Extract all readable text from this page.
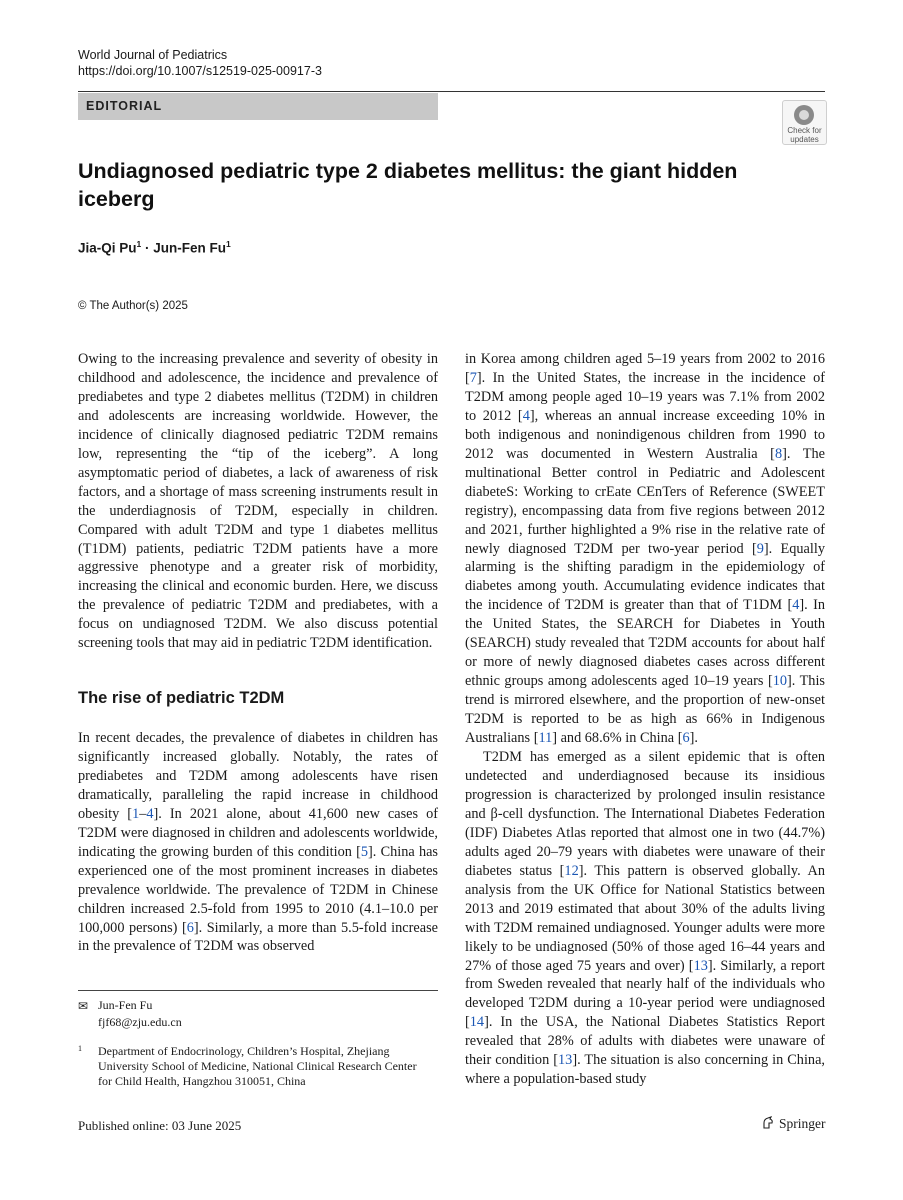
World Journal of Pediatrics
https://doi.org/10.1007/s12519-025-00917-3
EDITORIAL
Check for
updates
Undiagnosed pediatric type 2 diabetes mellitus: the giant hidden iceberg
Jia-Qi $Pu^1 \cdot Jun-Fen$ Fu$^1$
© The Author(s) 2025

Owing to the increasing prevalence and severity of obesity in childhood and adolescence, the incidence and prevalence of prediabetes and type 2 diabetes mellitus (T2DM) in children and adolescents are increasing worldwide. However, the incidence of clinically diagnosed pediatric T2DM remains low, representing the “tip of the iceberg”. A long asymptomatic period of diabetes, a lack of awareness of risk factors, and a shortage of mass screening instruments result in the underdiagnosis of T2DM, especially in children. Compared with adult T2DM and type 1 diabetes mellitus (T1DM) patients, pediatric T2DM patients have a more aggressive phenotype and a greater risk of morbidity, increasing the clinical and economic burden. Here, we discuss the prevalence of pediatric T2DM and prediabetes, with a focus on undiagnosed T2DM. We also discuss potential screening tools that may aid in pediatric T2DM identification.

The rise of pediatric T2DM

In recent decades, the prevalence of diabetes in children has significantly increased globally. Notably, the rates of prediabetes and T2DM among adolescents have risen dramatically, paralleling the rapid increase in childhood obesity [1–4]. In 2021 alone, about 41,600 new cases of T2DM were diagnosed in children and adolescents worldwide, indicating the growing burden of this condition [5]. China has experienced one of the most prominent increases in diabetes prevalence worldwide. The prevalence of T2DM in Chinese children increased 2.5-fold from 1995 to 2010 (4.1–10.0 per 100,000 persons) [6]. Similarly, a more than 5.5-fold increase in the prevalence of T2DM was observed

in Korea among children aged 5–19 years from 2002 to 2016 [7]. In the United States, the increase in the incidence of T2DM among people aged 10–19 years was 7.1% from 2002 to 2012 [4], whereas an annual increase exceeding 10% in both indigenous and nonindigenous children from 1990 to 2012 was documented in Western Australia [8]. The multinational Better control in Pediatric and Adolescent diabeteS: Working to crEate CEnTers of Reference (SWEET registry), encompassing data from five regions between 2012 and 2021, further highlighted a 9% rise in the relative rate of newly diagnosed T2DM per two-year period [9]. Equally alarming is the shifting paradigm in the epidemiology of diabetes among youth. Accumulating evidence indicates that the incidence of T2DM is greater than that of T1DM [4]. In the United States, the SEARCH for Diabetes in Youth (SEARCH) study revealed that T2DM accounts for about half or more of newly diagnosed diabetes cases across different ethnic groups among adolescents aged 10–19 years [10]. This trend is mirrored elsewhere, and the proportion of new-onset T2DM is reported to be as high as 66% in Indigenous Australians [11] and 68.6% in China [6].

T2DM has emerged as a silent epidemic that is often undetected and underdiagnosed because its insidious progression is characterized by prolonged insulin resistance and β-cell dysfunction. The International Diabetes Federation (IDF) Diabetes Atlas reported that almost one in two (44.7%) adults aged 20–79 years with diabetes were unaware of their diabetes status [12]. This pattern is observed globally. An analysis from the UK Office for National Statistics between 2013 and 2019 estimated that about 30% of the adults living with T2DM remained undiagnosed. Younger adults were more likely to be undiagnosed (50% of those aged 16–44 years and 27% of those aged 75 years and over) [13]. Similarly, a report from Sweden revealed that nearly half of the individuals who developed T2DM during a 10-year period were undiagnosed [14]. In the USA, the National Diabetes Statistics Report revealed that 28% of adults with diabetes were unaware of their condition [13]. The situation is also concerning in China, where a population-based study

✉ Jun-Fen Fu
fjf68@zju.edu.cn
1 Department of Endocrinology, Children’s Hospital, Zhejiang University School of Medicine, National Clinical Research Center for Child Health, Hangzhou 310051, China
Published online: 03 June 2025	Springer
